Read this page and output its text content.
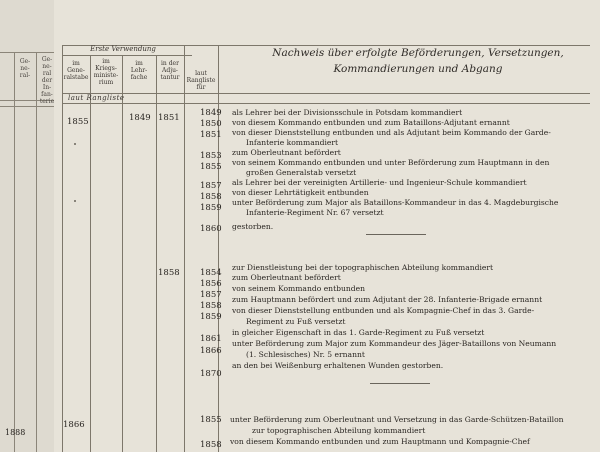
Ge-
ne-
ral-
Ge-
ne-
ral
der
In-
fan-
terie
1888
Erste Verwendung
im
Gene-
ralstabe
im
Kriegs-
ministe-
rium
im
Lehr-
fache
in der
Adju-
tantur
laut
Rangliste
für
laut Rangliste
Nachweis über erfolgte Beförderungen, Versetzungen,
Kommandierungen und Abgang
1855	1849 1851 1849 als Lehrer bei der Divisionsschule in Potsdam kommandiert
1850 von diesem Kommando entbunden und zum Bataillons-Adjutant ernannt
1851 von dieser Dienststellung entbunden und als Adjutant beim Kommando der Garde-
Infanterie kommandiert
1853 zum Oberleutnant befördert
1855 von seinem Kommando entbunden und unter Beförderung zum Hauptmann in den
großen Generalstab versetzt
1857 als Lehrer bei der vereinigten Artillerie- und Ingenieur-Schule kommandiert
1858 von dieser Lehrtätigkeit entbunden
1859
unter Beförderung zum Major als Bataillons-Kommandeur in das 4. Magdeburgische
Infanterie-Regiment Nr. 67 versetzt
1860 gestorben.
1858 1854
zur Dienstleistung bei der topographischen Abteilung kommandiert
1856
zum Oberleutnant befördert
1857
von seinem Kommando entbunden
1858
zum Hauptmann befördert und zum Adjutant der 28. Infanterie-Brigade ernannt
1859
von dieser Dienststellung entbunden und als Kompagnie-Chef in das 3. Garde-
Regiment zu Fuß versetzt
1861
in gleicher Eigenschaft in das 1. Garde-Regiment zu Fuß versetzt
1866
unter Beförderung zum Major zum Kommandeur des Jäger-Bataillons von Neumann
(1. Schlesisches) Nr. 5 ernannt
1870
an den bei Weißenburg erhaltenen Wunden gestorben.
1866	1855 unter Beförderung zum Oberleutnant und Versetzung in das Garde-Schützen-Bataillon
zur topographischen Abteilung kommandiert
1858 von diesem Kommando entbunden und zum Hauptmann und Kompagnie-Chef
